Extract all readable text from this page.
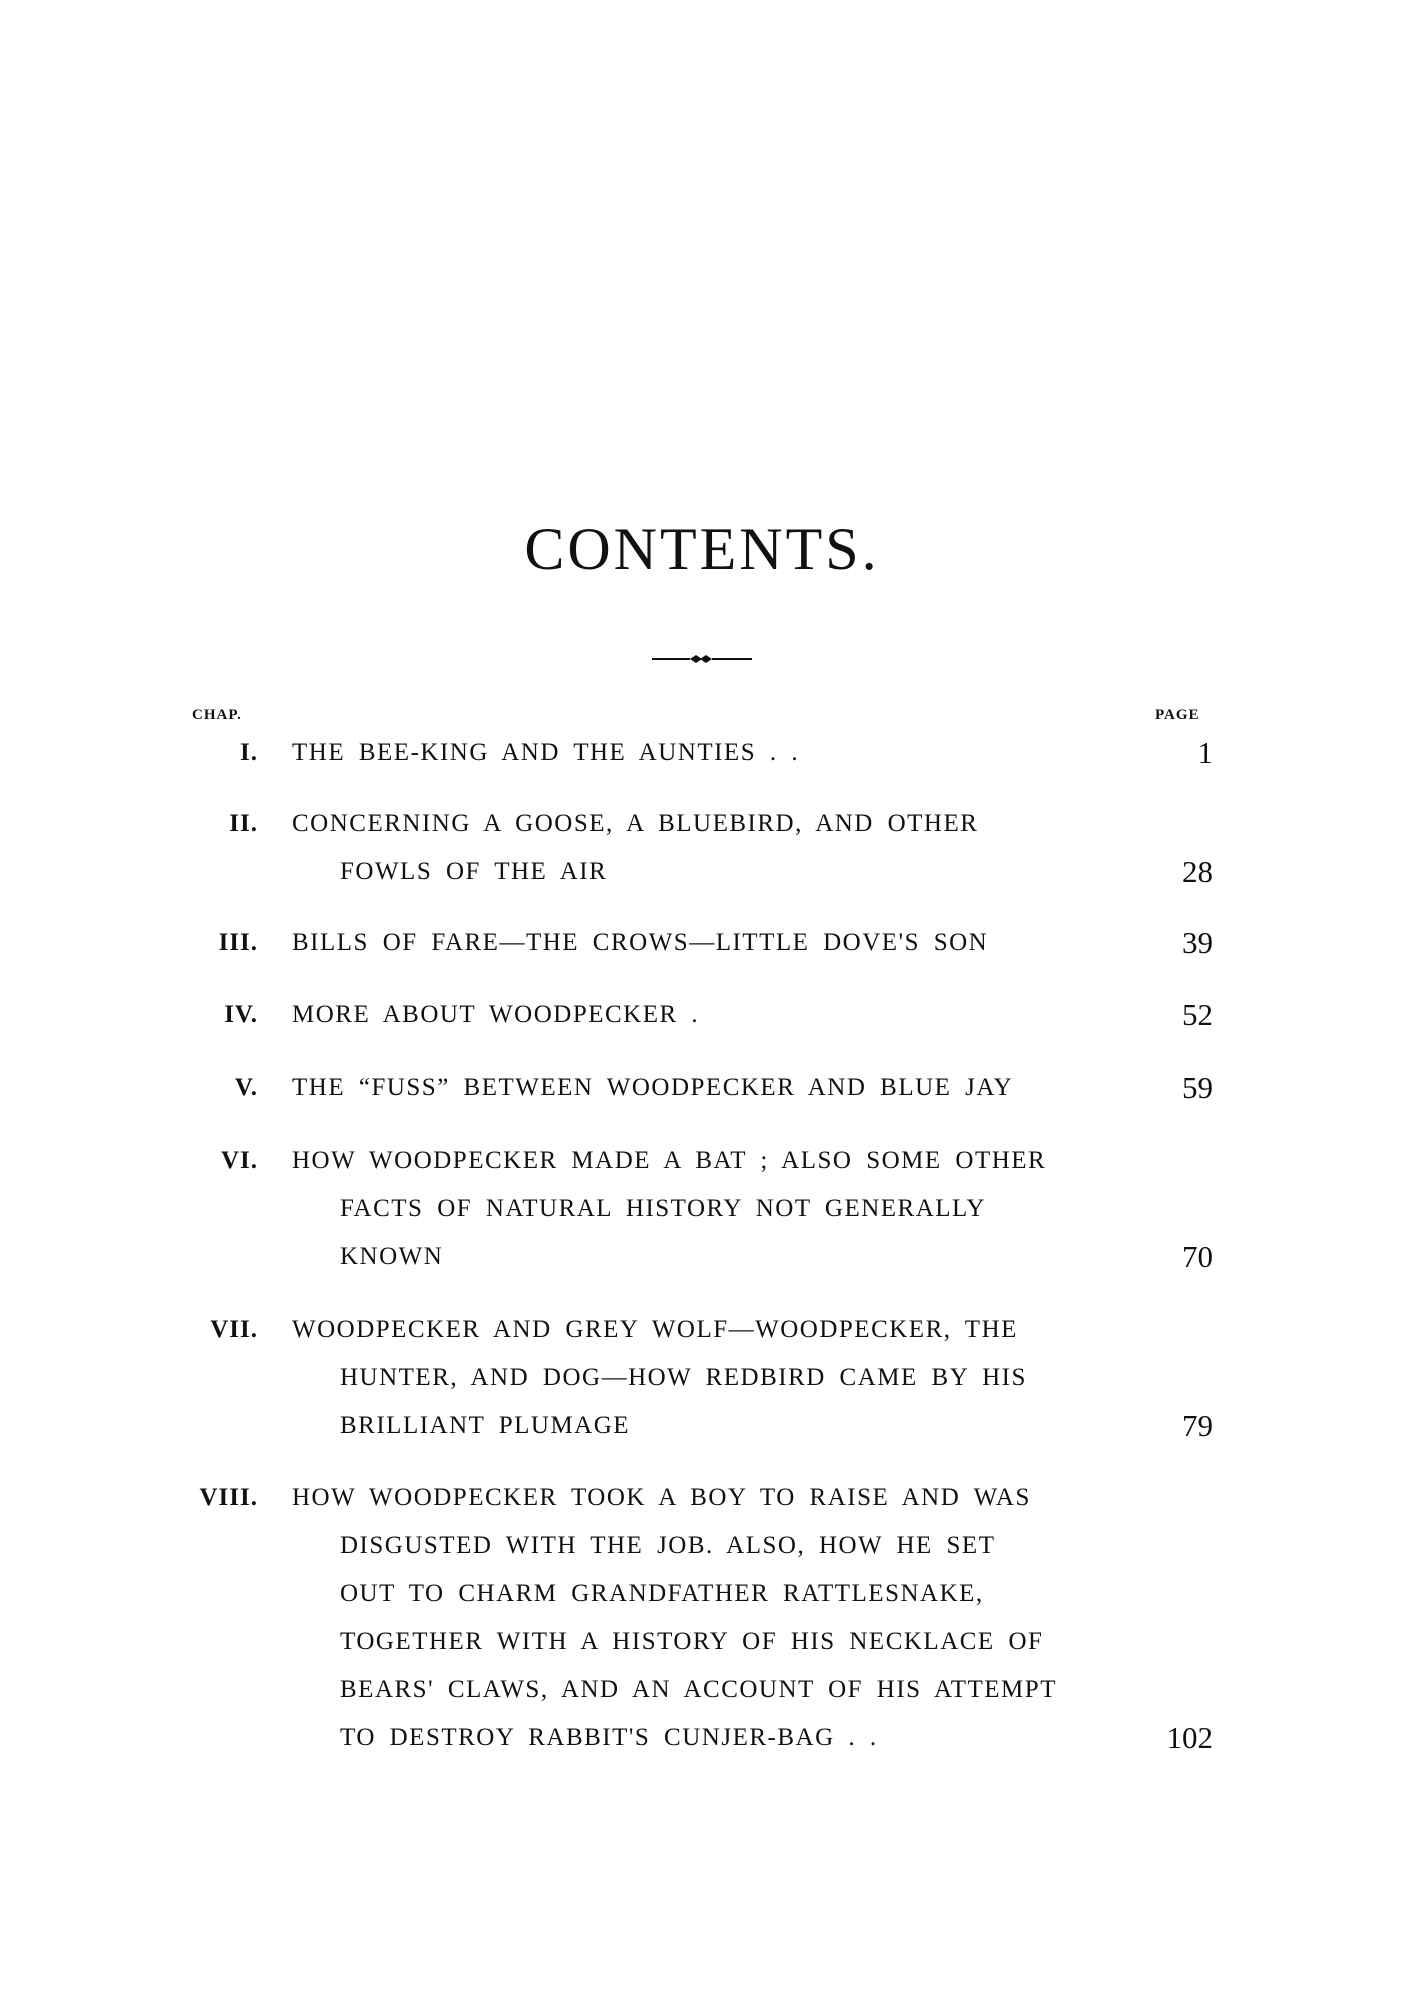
CONTENTS.
CHAP.	PAGE
I. THE BEE-KING AND THE AUNTIES . .	1
II. CONCERNING A GOOSE, A BLUEBIRD, AND OTHER
FOWLS OF THE AIR	28
III. BILLS OF FARE—THE CROWS—LITTLE DOVE'S SON	39
IV. MORE ABOUT WOODPECKER .	52
V. THE “FUSS” BETWEEN WOODPECKER AND BLUE JAY	59
VI. HOW WOODPECKER MADE A BAT ; ALSO SOME OTHER
FACTS OF NATURAL HISTORY NOT GENERALLY
KNOWN	70
VII. WOODPECKER AND GREY WOLF—WOODPECKER, THE
HUNTER, AND DOG—HOW REDBIRD CAME BY HIS
BRILLIANT PLUMAGE	79
VIII. HOW WOODPECKER TOOK A BOY TO RAISE AND WAS
DISGUSTED WITH THE JOB. ALSO, HOW HE SET
OUT TO CHARM GRANDFATHER RATTLESNAKE,
TOGETHER WITH A HISTORY OF HIS NECKLACE OF
BEARS' CLAWS, AND AN ACCOUNT OF HIS ATTEMPT
TO DESTROY RABBIT'S CUNJER-BAG . .	102
